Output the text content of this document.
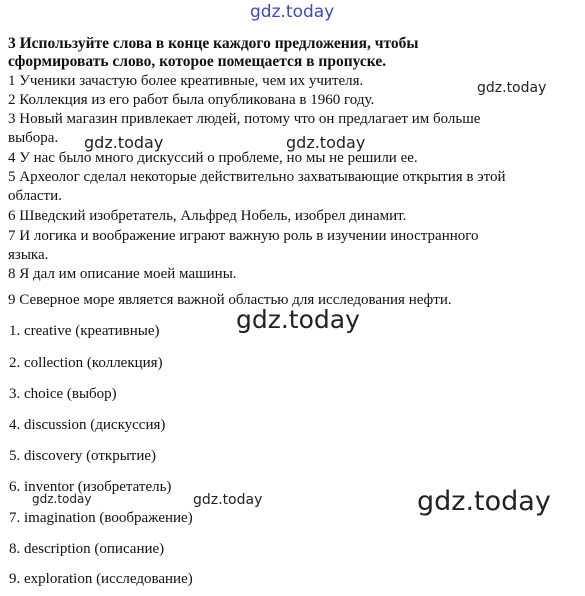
gdz.today
3 Используйте слова в конце каждого предложения, чтобы
сформировать слово, которое помещается в пропуске.
1 Ученики зачастую более креативные, чем их учителя.
2 Коллекция из его работ была опубликована в 1960 году.
3 Новый магазин привлекает людей, потому что он предлагает им больше
выбора.
4 У нас было много дискуссий о проблеме, но мы не решили ее.
5 Археолог сделал некоторые действительно захватывающие открытия в этой
области.
6 Шведский изобретатель, Альфред Нобель, изобрел динамит.
7 И логика и воображение играют важную роль в изучении иностранного
языка.
8 Я дал им описание моей машины.
9 Северное море является важной областью для исследования нефти.
1. creative (креативные)
2. collection (коллекция)
3. choice (выбор)
4. discussion (дискуссия)
5. discovery (открытие)
6. inventor (изобретатель)
7. imagination (воображение)
8. description (описание)
9. exploration (исследование)
gdz.today
gdz.today	gdz.today
gdz.today
gdz.today	gdz.today	gdz.today
